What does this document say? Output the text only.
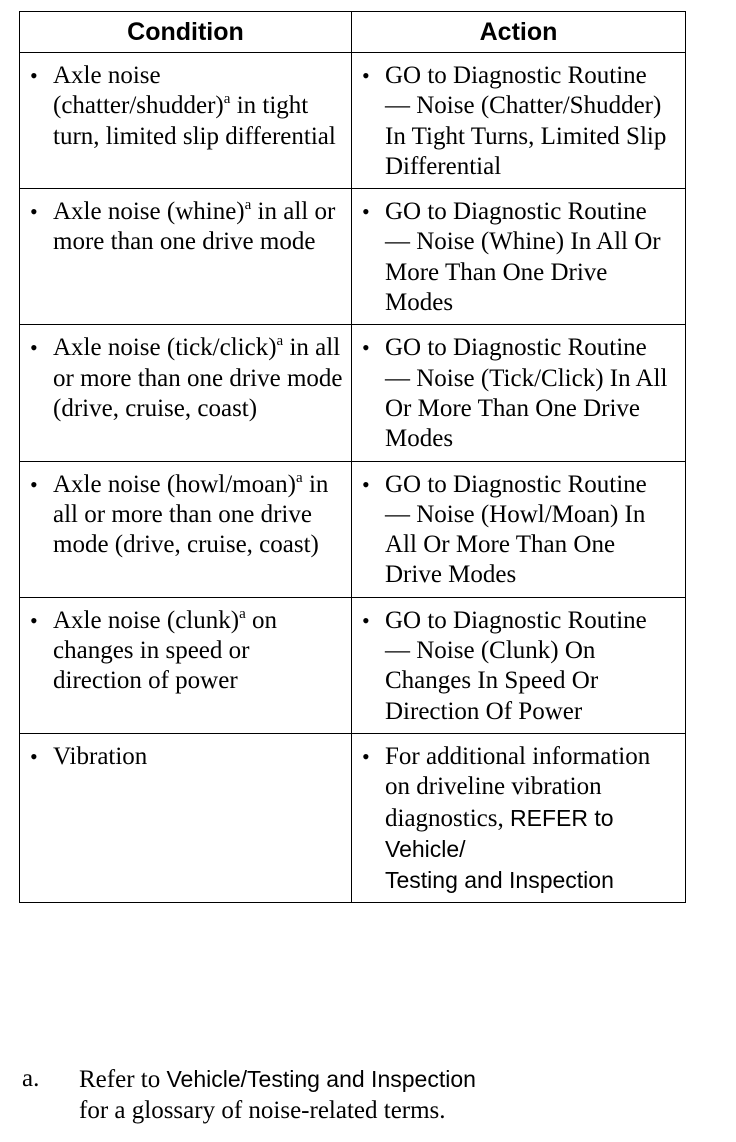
Condition	Action

• Axle noise (chatter/shudder)$^a$ in tight turn, limited slip differential	• GO to Diagnostic Routine — Noise (Chatter/Shudder) In Tight Turns, Limited Slip Differential

• Axle noise (whine)$^a$ in all or more than one drive mode	• GO to Diagnostic Routine — Noise (Whine) In All Or More Than One Drive Modes

• Axle noise (tick/click)$^a$ in all or more than one drive mode (drive, cruise, coast)	• GO to Diagnostic Routine — Noise (Tick/Click) In All Or More Than One Drive Modes

• Axle noise (howl/moan)$^a$ in all or more than one drive mode (drive, cruise, coast)	• GO to Diagnostic Routine — Noise (Howl/Moan) In All Or More Than One Drive Modes

• Axle noise (clunk)$^a$ on changes in speed or direction of power	• GO to Diagnostic Routine — Noise (Clunk) On Changes In Speed Or Direction Of Power

• Vibration	• For additional information on driveline vibration diagnostics, REFER to Vehicle/
Testing and Inspection
a. Refer to Vehicle/Testing and Inspection
for a glossary of noise-related terms.
